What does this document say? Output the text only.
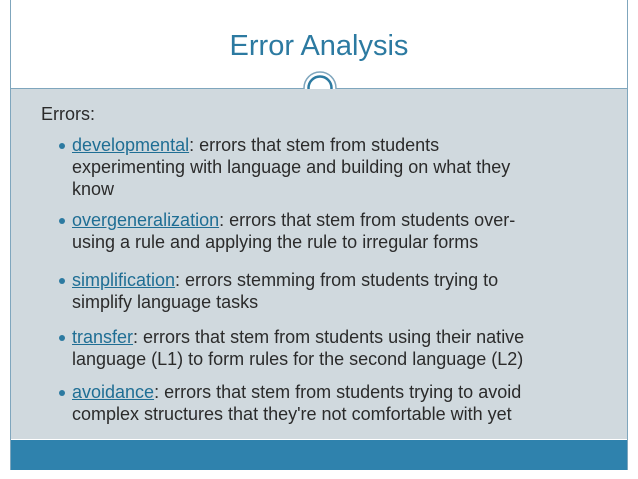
Error Analysis
Errors:
developmental: errors that stem from students
experimenting with language and building on what they
know
overgeneralization: errors that stem from students over-
using a rule and applying the rule to irregular forms
simplification: errors stemming from students trying to
simplify language tasks
transfer: errors that stem from students using their native
language (L1) to form rules for the second language (L2)
avoidance: errors that stem from students trying to avoid
complex structures that they're not comfortable with yet
